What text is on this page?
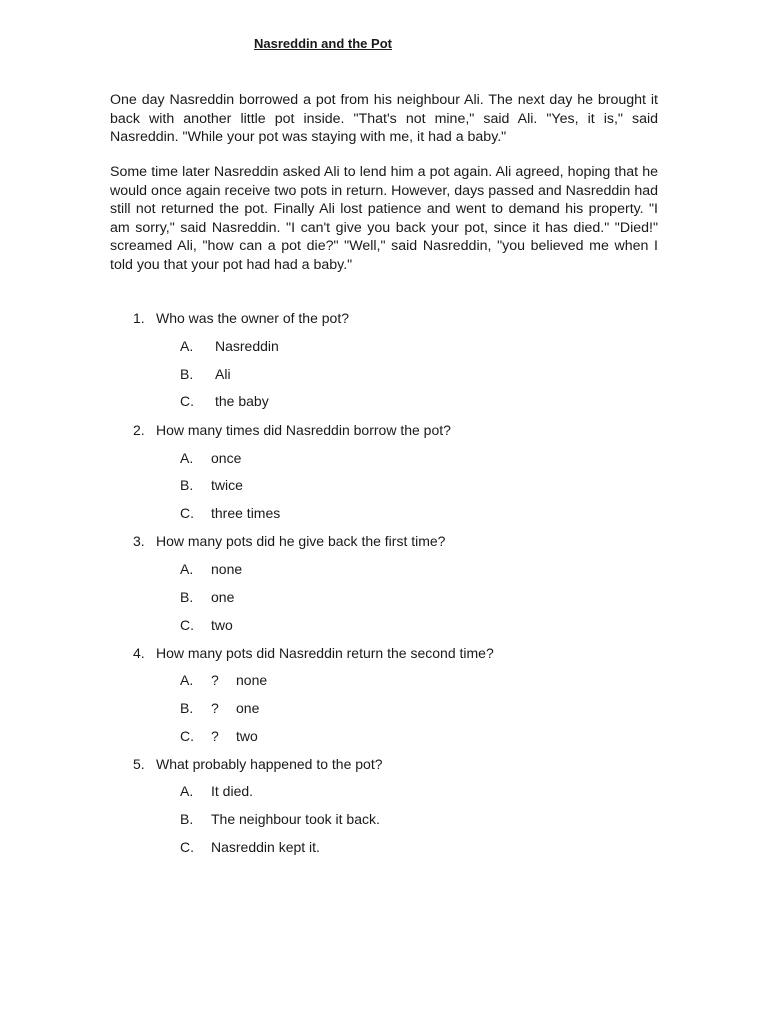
Nasreddin and the Pot

One day Nasreddin borrowed a pot from his neighbour Ali. The next day he brought it back with another little pot inside. "That's not mine," said Ali. "Yes, it is," said Nasreddin. "While your pot was staying with me, it had a baby."

Some time later Nasreddin asked Ali to lend him a pot again. Ali agreed, hoping that he would once again receive two pots in return. However, days passed and Nasreddin had still not returned the pot. Finally Ali lost patience and went to demand his property. "I am sorry," said Nasreddin. "I can't give you back your pot, since it has died." "Died!" screamed Ali, "how can a pot die?" "Well," said Nasreddin, "you believed me when I told you that your pot had had a baby."

1. Who was the owner of the pot?
A. Nasreddin
B. Ali
C. the baby
2. How many times did Nasreddin borrow the pot?
A. once
B. twice
C. three times
3. How many pots did he give back the first time?
A. none
B. one
C. two
4. How many pots did Nasreddin return the second time?
A. ? none
B. ? one
C. ? two
5. What probably happened to the pot?
A. It died.
B. The neighbour took it back.
C. Nasreddin kept it.
